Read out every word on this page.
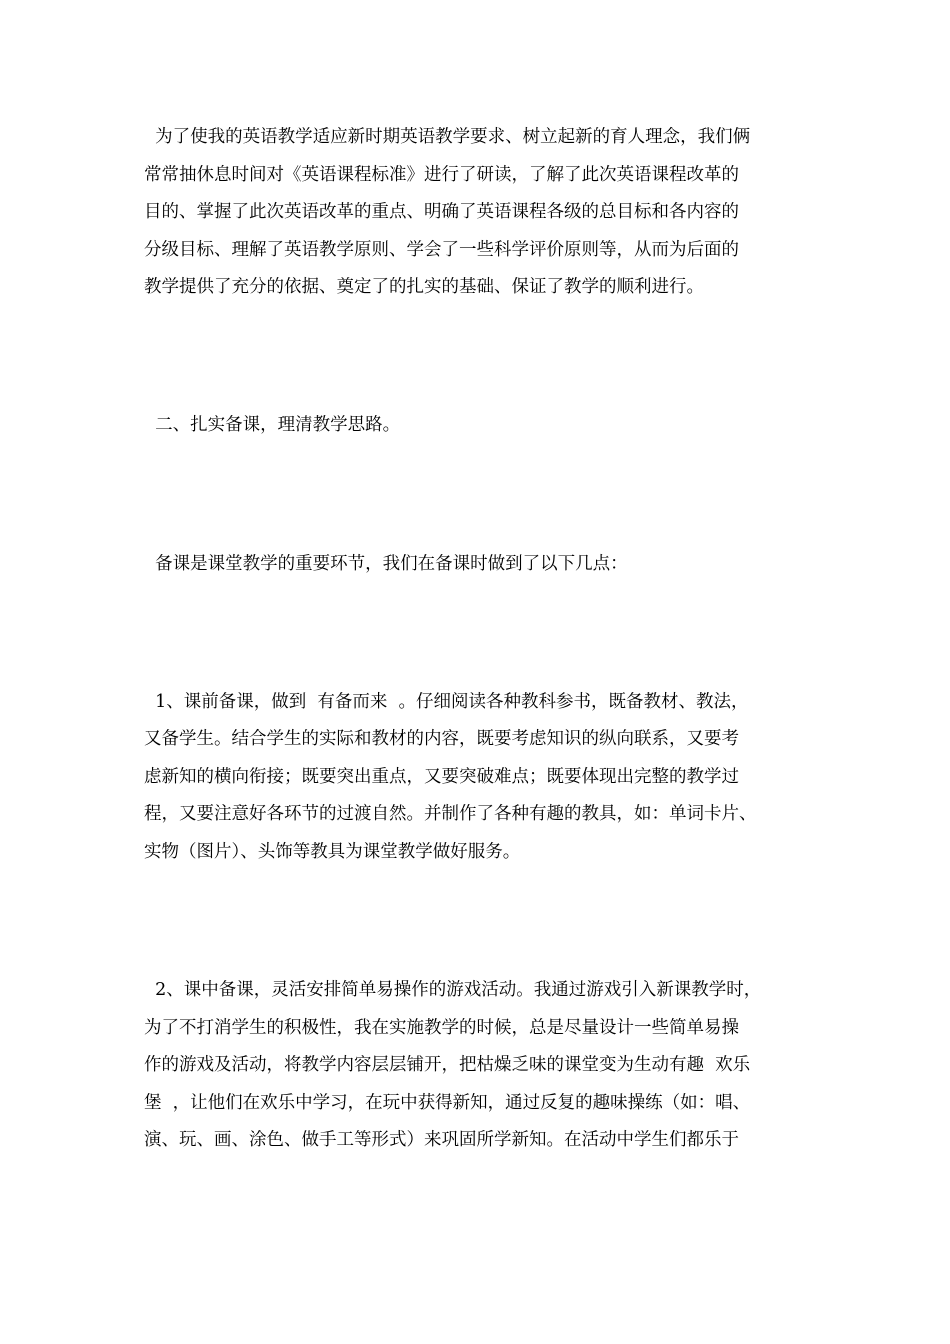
为了使我的英语教学适应新时期英语教学要求、树立起新的育人理念，我们俩
常常抽休息时间对《英语课程标准》进行了研读，了解了此次英语课程改革的
目的、掌握了此次英语改革的重点、明确了英语课程各级的总目标和各内容的
分级目标、理解了英语教学原则、学会了一些科学评价原则等，从而为后面的
教学提供了充分的依据、奠定了的扎实的基础、保证了教学的顺利进行。
二、扎实备课，理清教学思路。
备课是课堂教学的重要环节，我们在备课时做到了以下几点：
1、课前备课，做到  有备而来  。仔细阅读各种教科参书，既备教材、教法，
又备学生。结合学生的实际和教材的内容，既要考虑知识的纵向联系，又要考
虑新知的横向衔接；既要突出重点，又要突破难点；既要体现出完整的教学过
程，又要注意好各环节的过渡自然。并制作了各种有趣的教具，如：单词卡片、
实物（图片）、头饰等教具为课堂教学做好服务。
2、课中备课，灵活安排简单易操作的游戏活动。我通过游戏引入新课教学时，
为了不打消学生的积极性，我在实施教学的时候，总是尽量设计一些简单易操
作的游戏及活动，将教学内容层层铺开，把枯燥乏味的课堂变为生动有趣  欢乐
堡  ，让他们在欢乐中学习，在玩中获得新知，通过反复的趣味操练（如：唱、
演、玩、画、涂色、做手工等形式）来巩固所学新知。在活动中学生们都乐于
